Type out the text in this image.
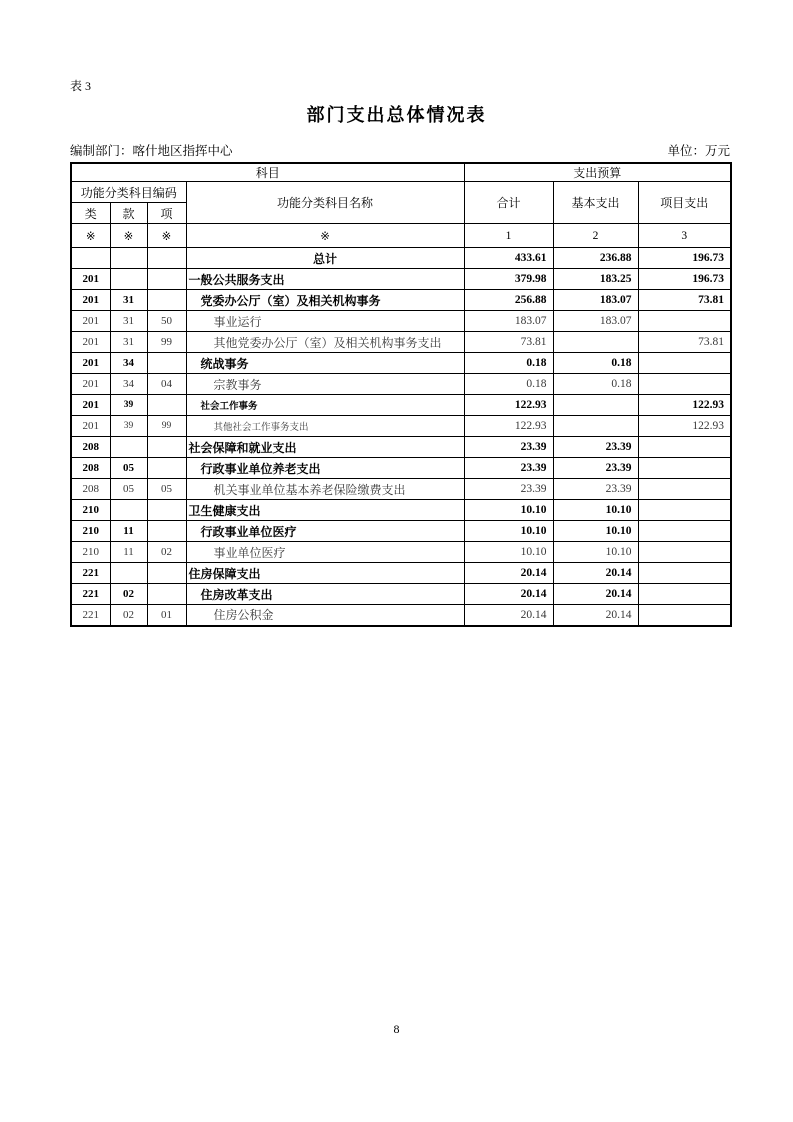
表 3
部门支出总体情况表
编制部门：喀什地区指挥中心	单位：万元
科目				支出预算		
功能分类科目编码			功能分类科目名称	合计	基本支出	项目支出
类	款	项				
※	※	※	※	1	2	3
			总计	433.61	236.88	196.73
201			一般公共服务支出	379.98	183.25	196.73
201	31		党委办公厅（室）及相关机构事务	256.88	183.07	73.81
201	31	50	事业运行	183.07	183.07	
201	31	99	其他党委办公厅（室）及相关机构事务支出	73.81		73.81
201	34		统战事务	0.18	0.18	
201	34	04	宗教事务	0.18	0.18	
201	39		社会工作事务	122.93		122.93
201	39	99	其他社会工作事务支出	122.93		122.93
208			社会保障和就业支出	23.39	23.39	
208	05		行政事业单位养老支出	23.39	23.39	
208	05	05	机关事业单位基本养老保险缴费支出	23.39	23.39	
210			卫生健康支出	10.10	10.10	
210	11		行政事业单位医疗	10.10	10.10	
210	11	02	事业单位医疗	10.10	10.10	
221			住房保障支出	20.14	20.14	
221	02		住房改革支出	20.14	20.14	
221	02	01	住房公积金	20.14	20.14	
8
